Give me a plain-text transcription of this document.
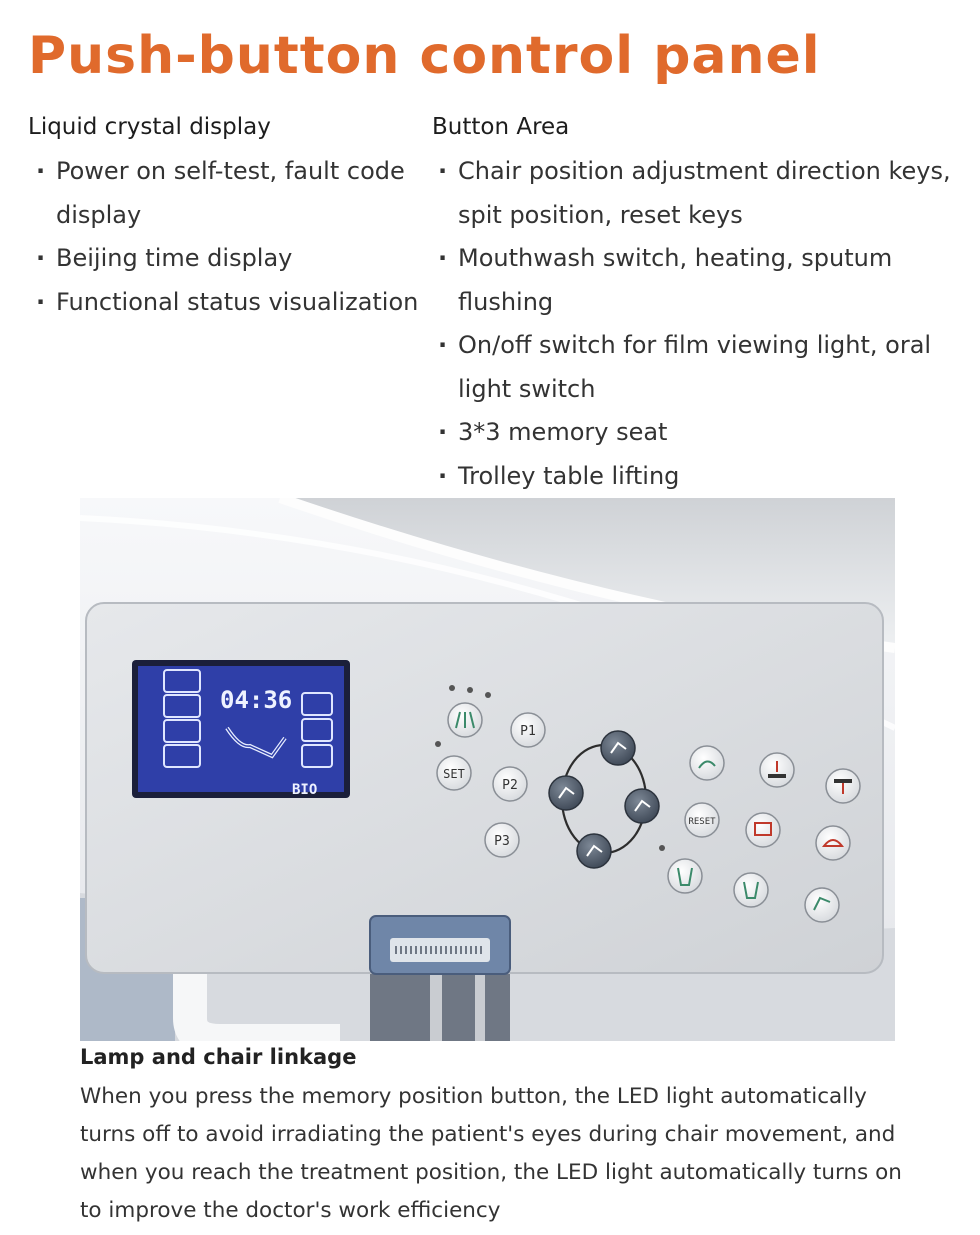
Push-button control panel
Liquid crystal display
· Power on self-test, fault code display
· Beijing time display
· Functional status visualization
Button Area
· Chair position adjustment direction keys, spit position, reset keys
· Mouthwash switch, heating, sputum flushing
· On/off switch for film viewing light, oral light switch
· 3*3 memory seat
· Trolley table lifting
04:36
BIO
P1
SET
P2
P3
RESET
Lamp and chair linkage

When you press the memory position button, the LED light automatically turns off to avoid irradiating the patient's eyes during chair movement, and when you reach the treatment position, the LED light automatically turns on to improve the doctor's work efficiency
